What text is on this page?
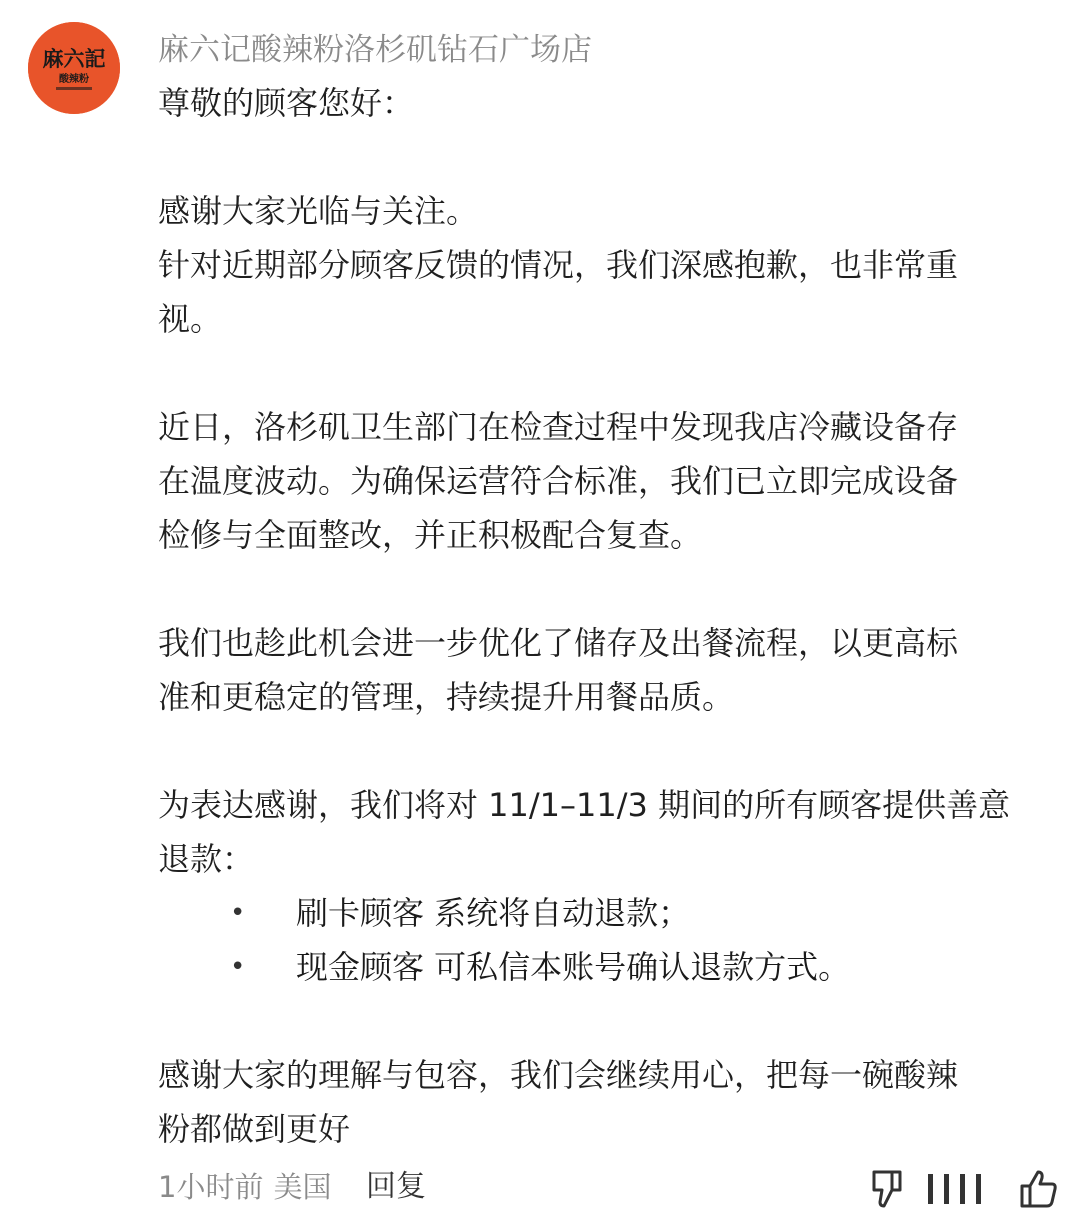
麻六記
酸辣粉
麻六记酸辣粉洛杉矶钻石广场店
尊敬的顾客您好：
感谢大家光临与关注。
针对近期部分顾客反馈的情况，我们深感抱歉，也非常重
视。
近日，洛杉矶卫生部门在检查过程中发现我店冷藏设备存
在温度波动。为确保运营符合标准，我们已立即完成设备
检修与全面整改，并正积极配合复查。
我们也趁此机会进一步优化了储存及出餐流程，以更高标
准和更稳定的管理，持续提升用餐品质。
为表达感谢，我们将对 11/1–11/3 期间的所有顾客提供善意
退款：
• 刷卡顾客 系统将自动退款；
• 现金顾客 可私信本账号确认退款方式。
感谢大家的理解与包容，我们会继续用心，把每一碗酸辣
粉都做到更好
1小时前 美国 回复
